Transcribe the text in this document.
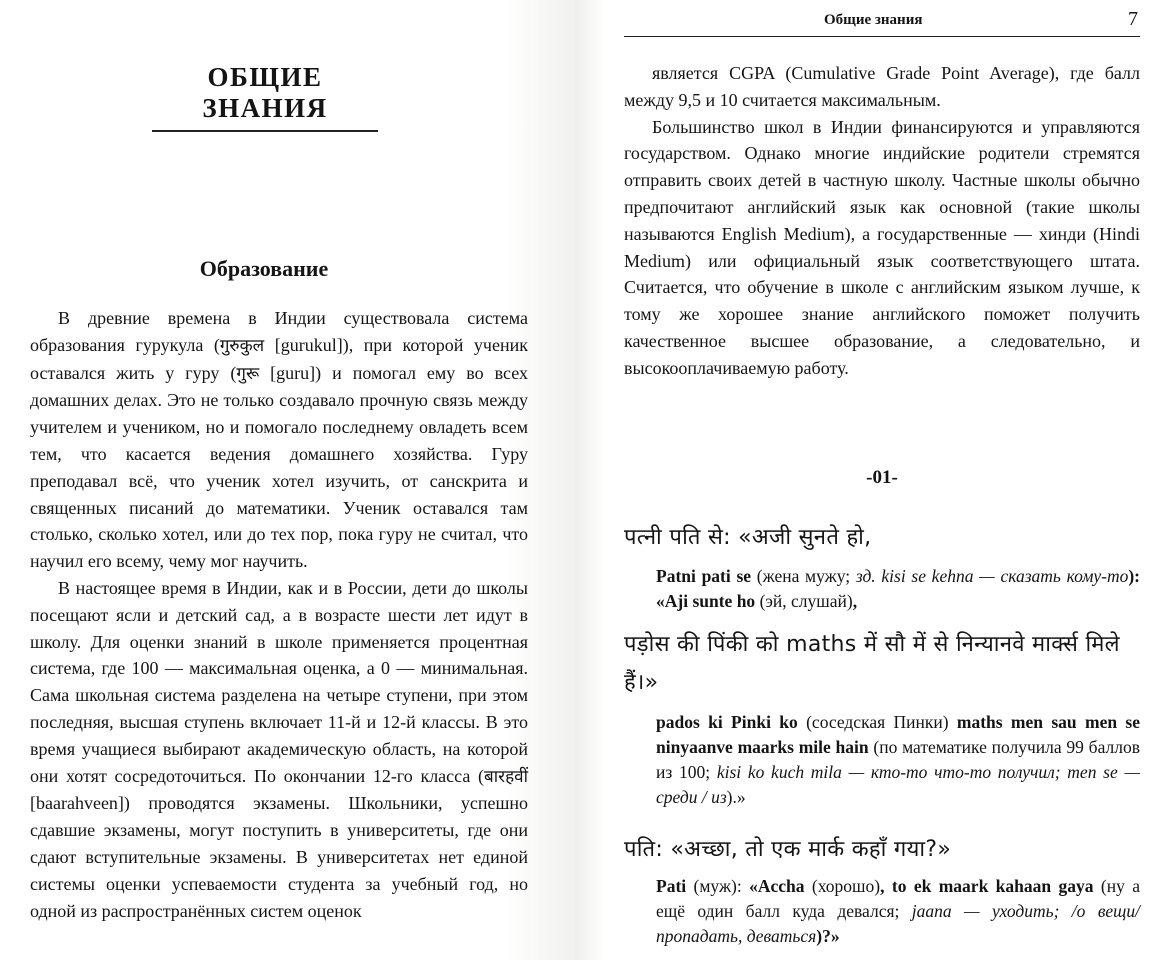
ОБЩИЕ ЗНАНИЯ
Образование

В древние времена в Индии существовала система образования гурукула (गुरुकुल [gurukul]), при которой ученик оставался жить у гуру (गुरू [guru]) и помогал ему во всех домашних делах. Это не только создавало прочную связь между учителем и учеником, но и помогало последнему овладеть всем тем, что касается ведения домашнего хозяйства. Гуру преподавал всё, что ученик хотел изучить, от санскрита и священных писаний до математики. Ученик оставался там столько, сколько хотел, или до тех пор, пока гуру не считал, что научил его всему, чему мог научить.

В настоящее время в Индии, как и в России, дети до школы посещают ясли и детский сад, а в возрасте шести лет идут в школу. Для оценки знаний в школе применяется процентная система, где 100 — максимальная оценка, а 0 — минимальная. Сама школьная система разделена на четыре ступени, при этом последняя, высшая ступень включает 11-й и 12-й классы. В это время учащиеся выбирают академическую область, на которой они хотят сосредоточиться. По окончании 12-го класса (बारहवीं [baarahveen]) проводятся экзамены. Школьники, успешно сдавшие экзамены, могут поступить в университеты, где они сдают вступительные экзамены. В университетах нет единой системы оценки успеваемости студента за учебный год, но одной из распространённых систем оценок

Общие знания	7

является CGPA (Cumulative Grade Point Average), где балл между 9,5 и 10 считается максимальным.

Большинство школ в Индии финансируются и управляются государством. Однако многие индийские родители стремятся отправить своих детей в частную школу. Частные школы обычно предпочитают английский язык как основной (такие школы называются English Medium), а государственные — хинди (Hindi Medium) или официальный язык соответствующего штата. Считается, что обучение в школе с английским языком лучше, к тому же хорошее знание английского поможет получить качественное высшее образование, а следовательно, и высокооплачиваемую работу.

-01-

पत्नी पति से: «अजी सुनते हो,

Patni pati se (жена мужу; зд. kisi se kehna — сказать кому-то): «Aji sunte ho (эй, слушай),

पड़ोस की पिंकी को maths में सौ में से निन्यानवे मार्क्स मिले हैं।»

pados ki Pinki ko (соседская Пинки) maths men sau men se ninyaanve maarks mile hain (по математике получила 99 баллов из 100; kisi ko kuch mila — кто-то что-то получил; men se — среди / из).»

पति: «अच्छा, तो एक मार्क कहाँ गया?»

Pati (муж): «Accha (хорошо), to ek maark kahaan gaya (ну а ещё один балл куда девался; jaana — уходить; /о вещи/ пропадать, деваться)?»
